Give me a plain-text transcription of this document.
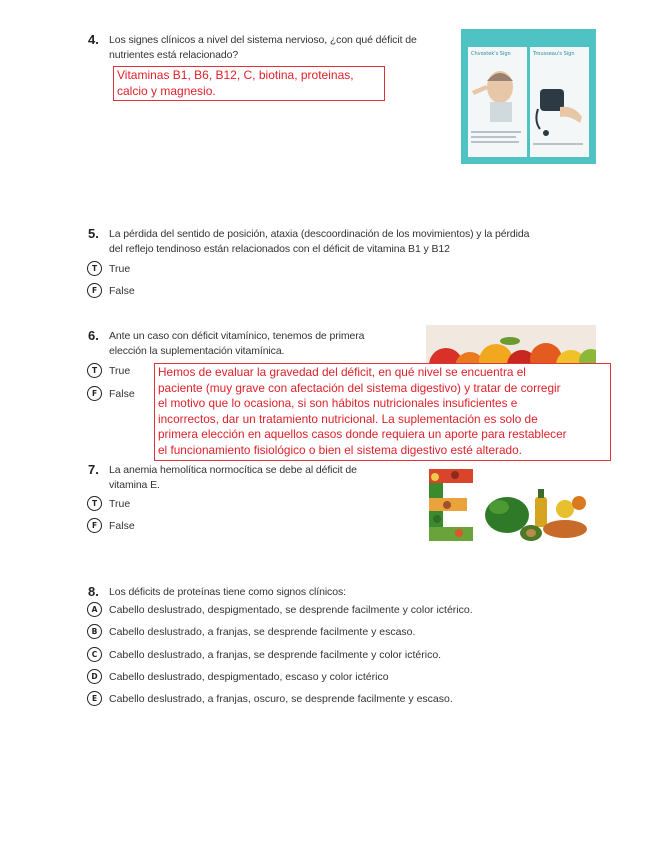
4. Los signes clínicos a nivel del sistema nervioso, ¿con qué déficit de
nutrientes está relacionado?
Vitaminas B1, B6, B12, C, biotina, proteinas,
calcio y magnesio.
Chvostek's Sign	Trousseau's Sign
5. La pérdida del sentido de posición, ataxia (descoordinación de los movimientos) y la pérdida
del reflejo tendinoso están relacionados con el déficit de vitamina B1 y B12
T	True
F	False
6. Ante un caso con déficit vitamínico, tenemos de primera
elección la suplementación vitamínica.
T	True
F	False
Hemos de evaluar la gravedad del déficit, en qué nivel se encuentra el
paciente (muy grave con afectación del sistema digestivo) y tratar de corregir
el motivo que lo ocasiona, si son hábitos nutricionales insuficientes e
incorrectos, dar un tratamiento nutricional. La suplementación es solo de
primera elección en aquellos casos donde requiera un aporte para restablecer
el funcionamiento fisiológico o bien el sistema digestivo esté alterado.
7. La anemia hemolítica normocítica se debe al déficit de
vitamina E.
T	True
F	False
8. Los déficits de proteínas tiene como signos clínicos:
A	Cabello deslustrado, despigmentado, se desprende facilmente y color ictérico.
B	Cabello deslustrado, a franjas, se desprende facilmente y escaso.
C	Cabello deslustrado, a franjas, se desprende facilmente y color ictérico.
D	Cabello deslustrado, despigmentado, escaso y color ictérico
E	Cabello deslustrado, a franjas, oscuro, se desprende facilmente y escaso.
